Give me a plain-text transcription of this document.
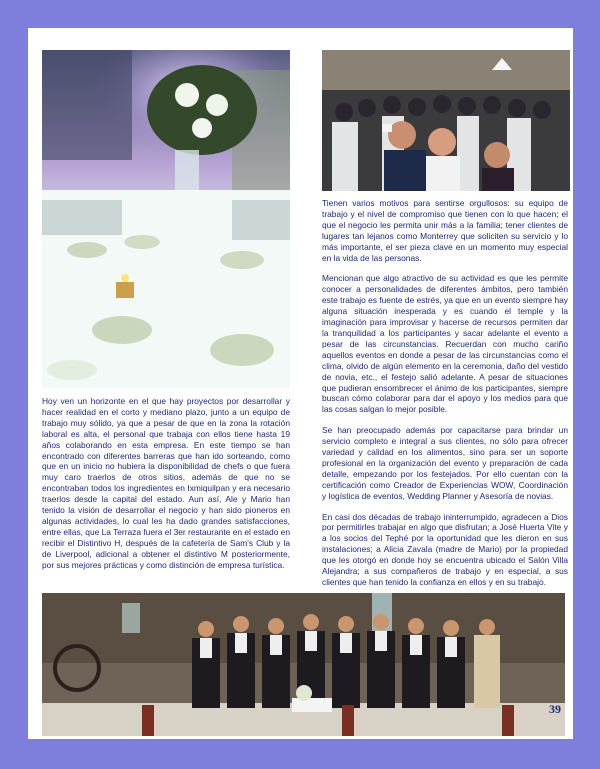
Hoy ven un horizonte en el que hay proyectos por desarrollar y hacer realidad en el corto y mediano plazo, junto a un equipo de trabajo muy sólido, ya que a pesar de que en la zona la rotación laboral es alta, el personal que trabaja con ellos tiene hasta 19 años colaborando en esta empresa. En este tiempo se han encontrado con diferentes barreras que han ido sorteando, como que en un inicio no hubiera la disponibilidad de chefs o que fuera muy caro traerlos de otros sitios, además de que no se encontraban todos los ingredientes en Ixmiquilpan y era necesario traerlos desde la capital del estado. Aun así, Ale y Mario han tenido la visión de desarrollar el negocio y han sido pioneros en algunas actividades, lo cual les ha dado grandes satisfacciones, entre ellas, que La Terraza fuera el 3er restaurante en el estado en recibir el Distintivo H, después de la cafetería de Sam's Club y la de Liverpool, adicional a obtener el distintivo M posteriormente, por sus mejores prácticas y como distinción de empresa turística.

Tienen varios motivos para sentirse orgullosos: su equipo de trabajo y el nivel de compromiso que tienen con lo que hacen; el que el negocio les permita unir más a la familia; tener clientes de lugares tan lejanos como Monterrey que soliciten su servicio y lo más importante, el ser pieza clave en un momento muy especial en la vida de las personas.

Mencionan que algo atractivo de su actividad es que les permite conocer a personalidades de diferentes ámbitos, pero también este trabajo es fuente de estrés, ya que en un evento siempre hay alguna situación inesperada y es cuando el temple y la imaginación para improvisar y hacerse de recursos permiten dar la tranquilidad a los participantes y sacar adelante el evento a pesar de las circunstancias. Recuerdan con mucho cariño aquellos eventos en donde a pesar de las circunstancias como el clima, olvido de algún elemento en la ceremonia, daño del vestido de novia, etc., el festejo salió adelante. A pesar de situaciones que pudieran ensombrecer el ánimo de los participantes, siempre buscan cómo colaborar para dar el apoyo y los medios para que las cosas salgan lo mejor posible.

Se han preocupado además por capacitarse para brindar un servicio completo e integral a sus clientes, no sólo para ofrecer variedad y calidad en los alimentos, sino para ser un soporte profesional en la organización del evento y preparación de cada detalle, empezando por los festejados. Por ello cuentan con la certificación como Creador de Experiencias WOW, Coordinación y logística de eventos, Wedding Planner y Asesoría de novias.

En casi dos décadas de trabajo ininterrumpido, agradecen a Dios por permitirles trabajar en algo que disfrutan; a José Huerta Vite y a los socios del Tephé por la oportunidad que les dieron en sus instalaciones; a Alicia Zavala (madre de Mario) por la propiedad que les otorgó en donde hoy se encuentra ubicado el Salón Villa Alejandra; a sus compañeros de trabajo y en especial, a sus clientes que han tenido la confianza en ellos y en su trabajo.

39
